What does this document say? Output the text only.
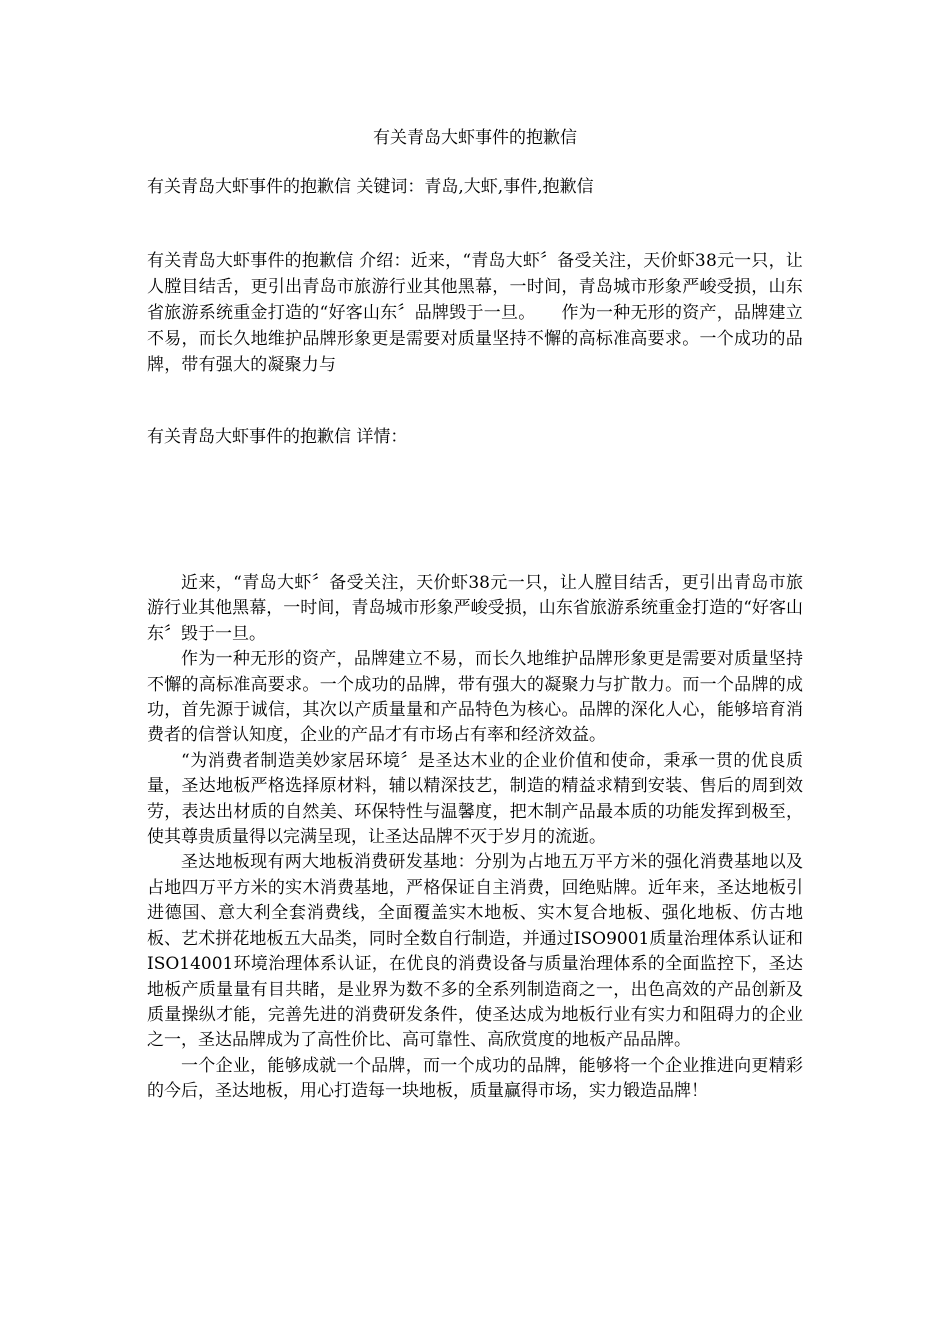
有关青岛大虾事件的抱歉信
有关青岛大虾事件的抱歉信 关键词：青岛,大虾,事件,抱歉信
有关青岛大虾事件的抱歉信 介绍：近来，“青岛大虾〞备受关注，天价虾38元一只，让人膛目结舌，更引出青岛市旅游行业其他黑幕，一时间，青岛城市形象严峻受损，山东省旅游系统重金打造的“好客山东〞品牌毁于一旦。　　作为一种无形的资产，品牌建立不易，而长久地维护品牌形象更是需要对质量坚持不懈的高标准高要求。一个成功的品牌，带有强大的凝聚力与
有关青岛大虾事件的抱歉信 详情：

近来，“青岛大虾〞备受关注，天价虾38元一只，让人膛目结舌，更引出青岛市旅游行业其他黑幕，一时间，青岛城市形象严峻受损，山东省旅游系统重金打造的“好客山东〞毁于一旦。

作为一种无形的资产，品牌建立不易，而长久地维护品牌形象更是需要对质量坚持不懈的高标准高要求。一个成功的品牌，带有强大的凝聚力与扩散力。而一个品牌的成功，首先源于诚信，其次以产质量量和产品特色为核心。品牌的深化人心，能够培育消费者的信誉认知度，企业的产品才有市场占有率和经济效益。

“为消费者制造美妙家居环境〞是圣达木业的企业价值和使命，秉承一贯的优良质量，圣达地板严格选择原材料，辅以精深技艺，制造的精益求精到安装、售后的周到效劳，表达出材质的自然美、环保特性与温馨度，把木制产品最本质的功能发挥到极至，使其尊贵质量得以完满呈现，让圣达品牌不灭于岁月的流逝。

圣达地板现有两大地板消费研发基地：分别为占地五万平方米的强化消费基地以及占地四万平方米的实木消费基地，严格保证自主消费，回绝贴牌。近年来，圣达地板引进德国、意大利全套消费线，全面覆盖实木地板、实木复合地板、强化地板、仿古地板、艺术拼花地板五大品类，同时全数自行制造，并通过ISO9001质量治理体系认证和ISO14001环境治理体系认证，在优良的消费设备与质量治理体系的全面监控下，圣达地板产质量量有目共睹，是业界为数不多的全系列制造商之一，出色高效的产品创新及质量操纵才能，完善先进的消费研发条件，使圣达成为地板行业有实力和阻碍力的企业之一，圣达品牌成为了高性价比、高可靠性、高欣赏度的地板产品品牌。

一个企业，能够成就一个品牌，而一个成功的品牌，能够将一个企业推进向更精彩的今后，圣达地板，用心打造每一块地板，质量赢得市场，实力锻造品牌！
